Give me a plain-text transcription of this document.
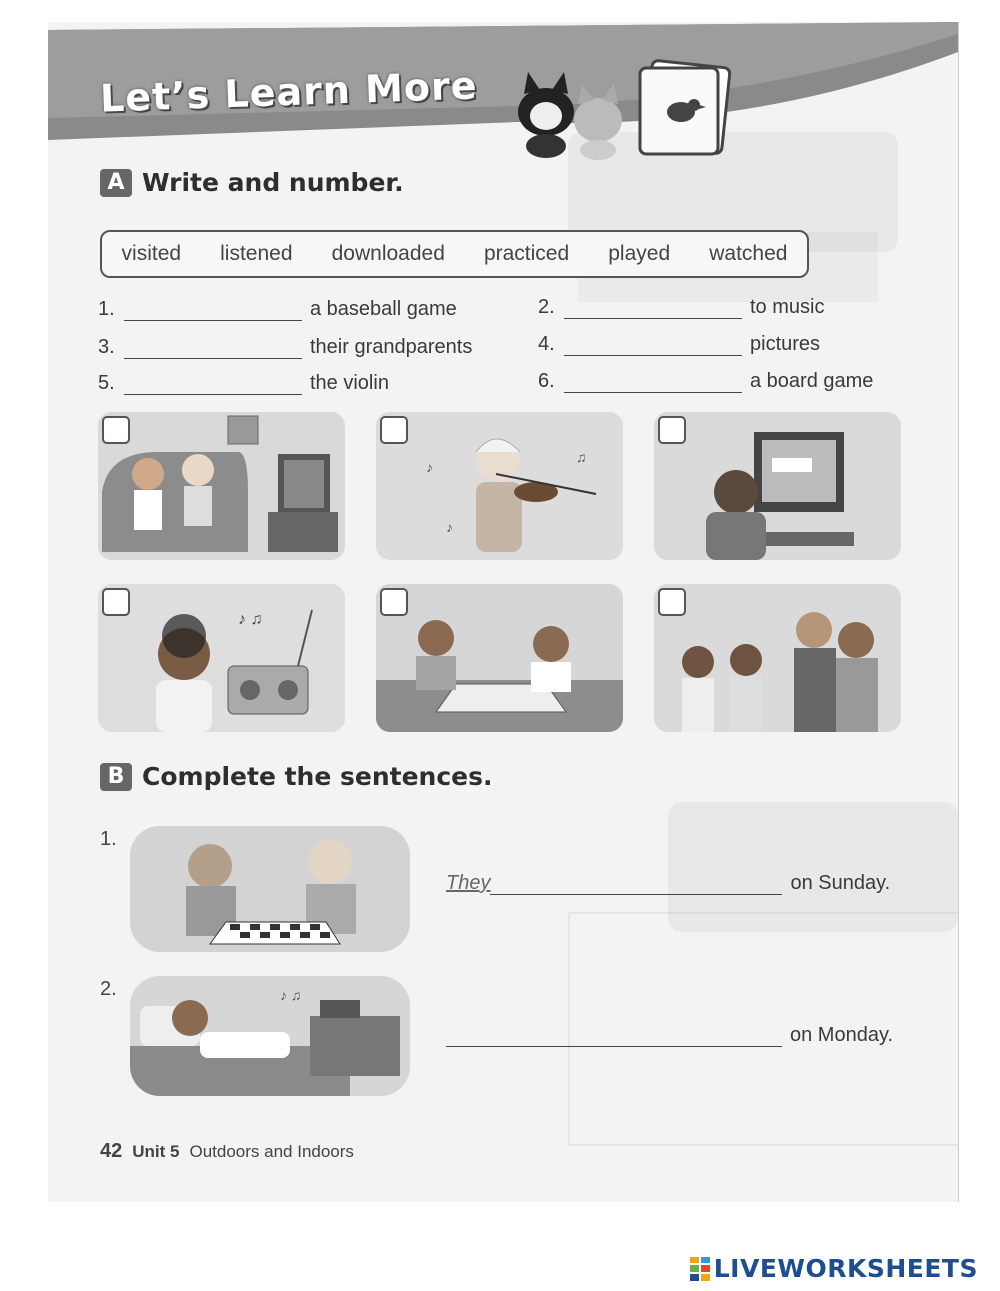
Let’s Learn More
A Write and number.
visited listened downloaded practiced played watched
1.	a baseball game	2.	to music
3.	their grandparents	4.	pictures
5.	the violin	6.	a board game
♪
♫
♪
♪ ♫
B Complete the sentences.
1.
They	on Sunday.
2.	♪ ♫
on Monday.
42 Unit 5 Outdoors and Indoors
LIVEWORKSHEETS
